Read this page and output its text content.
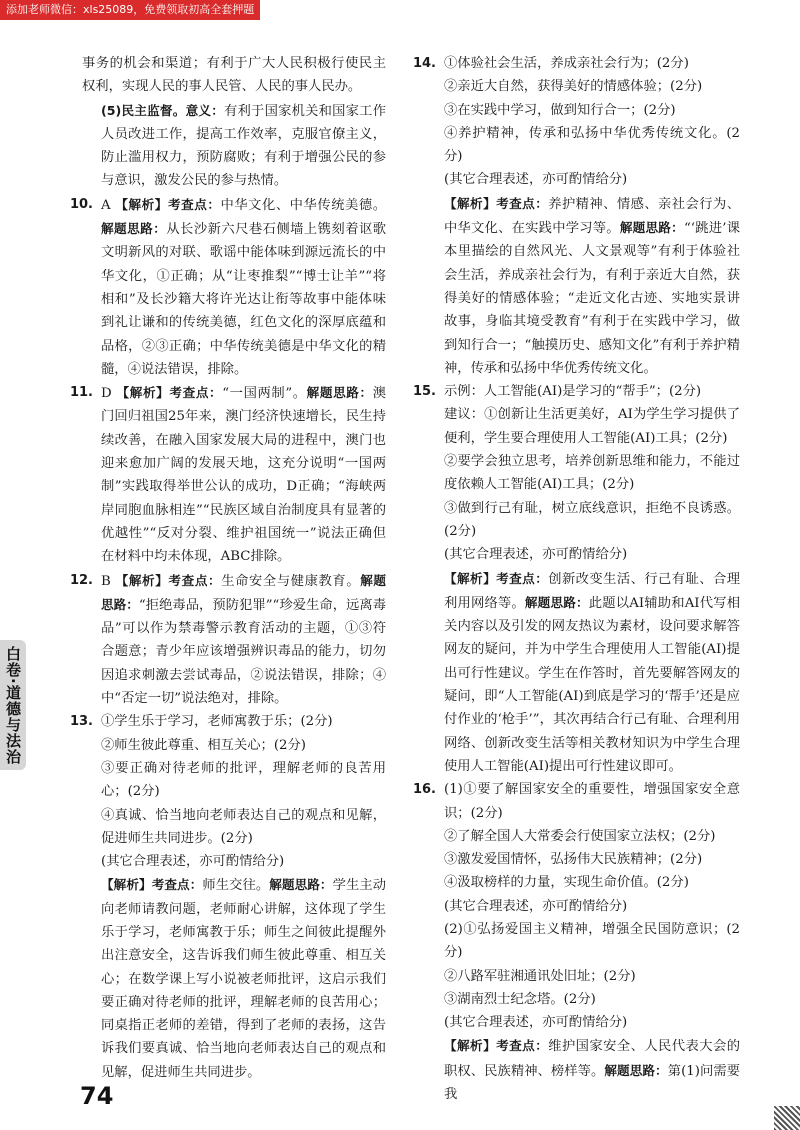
添加老师微信：xls25089，免费领取初高全套押题
白卷·道德与法治

事务的机会和渠道；有利于广大人民积极行使民主权利，实现人民的事人民管、人民的事人民办。

(5)民主监督。意义：有利于国家机关和国家工作人员改进工作，提高工作效率，克服官僚主义，防止滥用权力，预防腐败；有利于增强公民的参与意识，激发公民的参与热情。

10. A 【解析】考查点：中华文化、中华传统美德。解题思路：从长沙新六尺巷石侧墙上镌刻着讴歌文明新风的对联、歌谣中能体味到源远流长的中华文化，①正确；从“让枣推梨”“博士让羊”“将相和”及长沙籍大将许光达让衔等故事中能体味到礼让谦和的传统美德，红色文化的深厚底蕴和品格，②③正确；中华传统美德是中华文化的精髓，④说法错误，排除。

11. D 【解析】考查点：“一国两制”。解题思路：澳门回归祖国25年来，澳门经济快速增长，民生持续改善，在融入国家发展大局的进程中，澳门也迎来愈加广阔的发展天地，这充分说明“一国两制”实践取得举世公认的成功，D正确；“海峡两岸同胞血脉相连”“民族区域自治制度具有显著的优越性”“反对分裂、维护祖国统一”说法正确但在材料中均未体现，ABC排除。

12. B 【解析】考查点：生命安全与健康教育。解题思路：“拒绝毒品，预防犯罪”“珍爱生命，远离毒品”可以作为禁毒警示教育活动的主题，①③符合题意；青少年应该增强辨识毒品的能力，切勿因追求刺激去尝试毒品，②说法错误，排除；④中“否定一切”说法绝对，排除。

13. ①学生乐于学习，老师寓教于乐；(2分)
②师生彼此尊重、相互关心；(2分)
③要正确对待老师的批评，理解老师的良苦用心；(2分)
④真诚、恰当地向老师表达自己的观点和见解，促进师生共同进步。(2分)
(其它合理表述，亦可酌情给分)
【解析】考查点：师生交往。解题思路：学生主动向老师请教问题，老师耐心讲解，这体现了学生乐于学习，老师寓教于乐；师生之间彼此提醒外出注意安全，这告诉我们师生彼此尊重、相互关心；在数学课上写小说被老师批评，这启示我们要正确对待老师的批评，理解老师的良苦用心；同桌指正老师的差错，得到了老师的表扬，这告诉我们要真诚、恰当地向老师表达自己的观点和见解，促进师生共同进步。
14. ①体验社会生活，养成亲社会行为；(2分)
②亲近大自然，获得美好的情感体验；(2分)
③在实践中学习，做到知行合一；(2分)
④养护精神，传承和弘扬中华优秀传统文化。(2分)
(其它合理表述，亦可酌情给分)
【解析】考查点：养护精神、情感、亲社会行为、中华文化、在实践中学习等。解题思路：“‘跳进’课本里描绘的自然风光、人文景观等”有利于体验社会生活，养成亲社会行为，有利于亲近大自然，获得美好的情感体验；“走近文化古迹、实地实景讲故事，身临其境受教育”有利于在实践中学习，做到知行合一；“触摸历史、感知文化”有利于养护精神，传承和弘扬中华优秀传统文化。
15. 示例：人工智能(AI)是学习的“帮手”；(2分)
建议：①创新让生活更美好，AI为学生学习提供了便利，学生要合理使用人工智能(AI)工具；(2分)
②要学会独立思考，培养创新思维和能力，不能过度依赖人工智能(AI)工具；(2分)
③做到行己有耻，树立底线意识，拒绝不良诱惑。(2分)
(其它合理表述，亦可酌情给分)
【解析】考查点：创新改变生活、行己有耻、合理利用网络等。解题思路：此题以AI辅助和AI代写相关内容以及引发的网友热议为素材，设问要求解答网友的疑问，并为中学生合理使用人工智能(AI)提出可行性建议。学生在作答时，首先要解答网友的疑问，即“人工智能(AI)到底是学习的‘帮手’还是应付作业的‘枪手’”，其次再结合行己有耻、合理利用网络、创新改变生活等相关教材知识为中学生合理使用人工智能(AI)提出可行性建议即可。
16. (1)①要了解国家安全的重要性，增强国家安全意识；(2分)
②了解全国人大常委会行使国家立法权；(2分)
③激发爱国情怀，弘扬伟大民族精神；(2分)
④汲取榜样的力量，实现生命价值。(2分)
(其它合理表述，亦可酌情给分)
(2)①弘扬爱国主义精神，增强全民国防意识；(2分)
②八路军驻湘通讯处旧址；(2分)
③湖南烈士纪念塔。(2分)
(其它合理表述，亦可酌情给分)
【解析】考查点：维护国家安全、人民代表大会的职权、民族精神、榜样等。解题思路：第(1)问需要我
74
